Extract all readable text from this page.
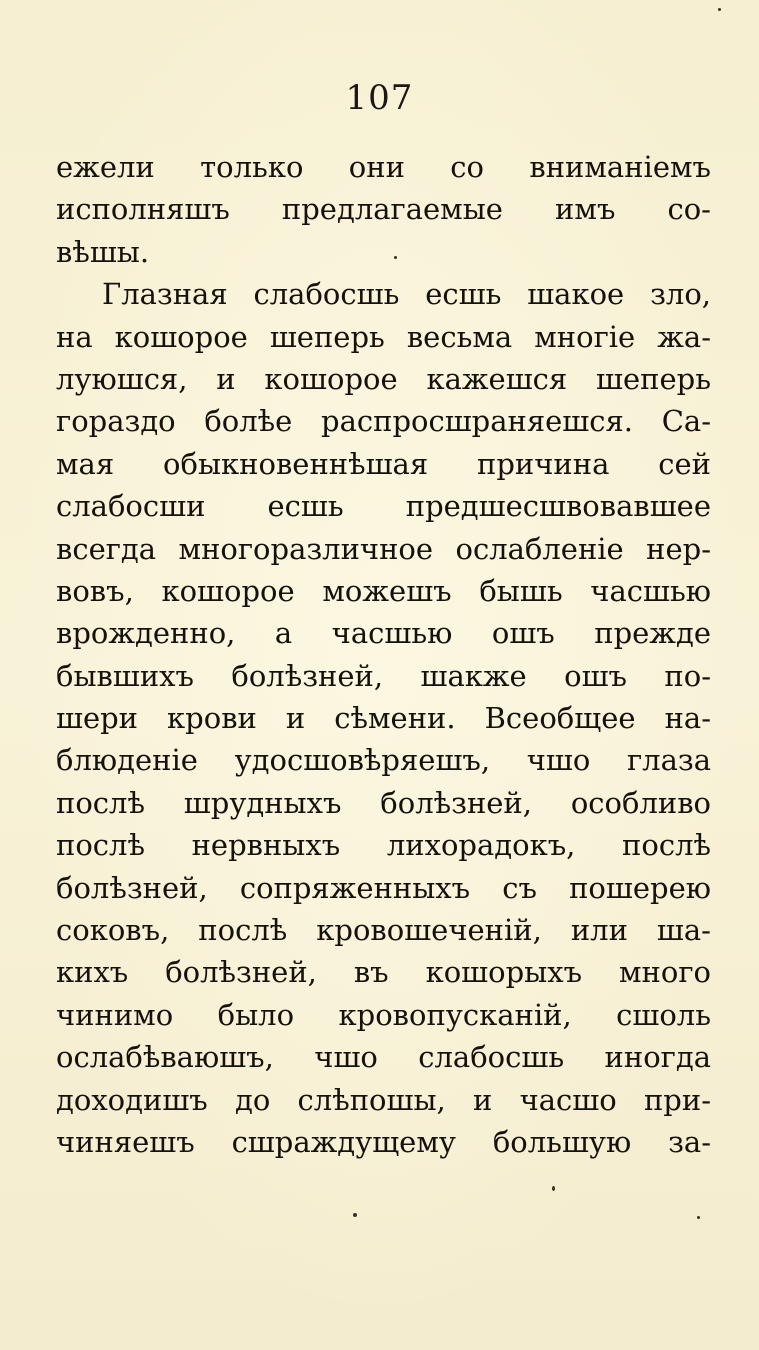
107
ежели только они со вниманіемъ
исполняшъ предлагаемые имъ со-
вѣшы.
Глазная слабосшь есшь шакое зло,
на кошорое шеперь весьма многіе жа-
луюшся, и кошорое кажешся шеперь
гораздо болѣе распросшраняешся. Са-
мая обыкновеннѣшая причина сей
слабосши есшь предшесшвовавшее
всегда многоразличное ослабленіе нер-
вовъ, кошорое можешъ бышь часшью
врожденно, а часшью ошъ прежде
бывшихъ болѣзней, шакже ошъ по-
шери крови и сѣмени. Всеобщее на-
блюденіе удосшовѣряешъ, чшо глаза
послѣ шрудныхъ болѣзней, особливо
послѣ нервныхъ лихорадокъ, послѣ
болѣзней, сопряженныхъ съ пошерею
соковъ, послѣ кровошеченій, или ша-
кихъ болѣзней, въ кошорыхъ много
чинимо было кровопусканій, сшоль
ослабѣваюшъ, чшо слабосшь иногда
доходишъ до слѣпошы, и часшо при-
чиняешъ сшраждущему большую за-
